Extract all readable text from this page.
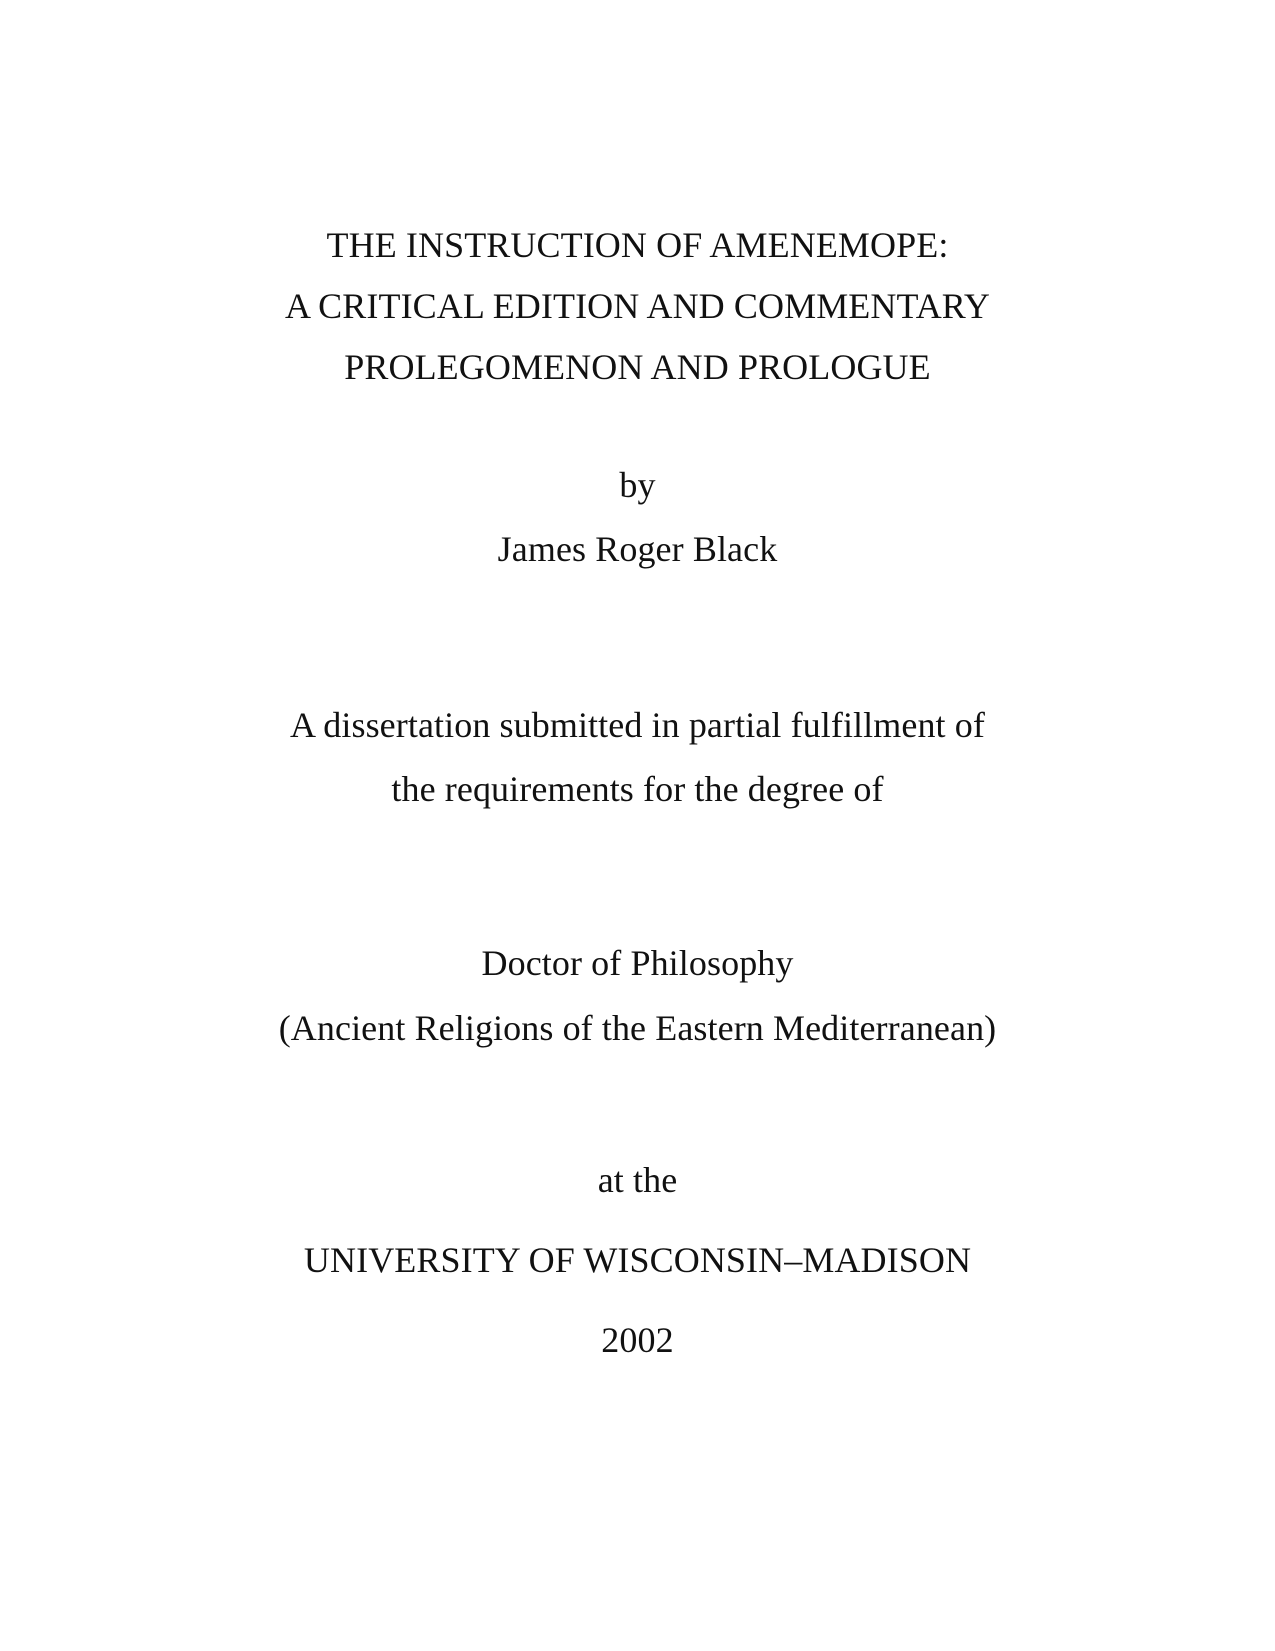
THE INSTRUCTION OF AMENEMOPE:
A CRITICAL EDITION AND COMMENTARY
PROLEGOMENON AND PROLOGUE
by
James Roger Black
A dissertation submitted in partial fulfillment of
the requirements for the degree of
Doctor of Philosophy
(Ancient Religions of the Eastern Mediterranean)
at the
UNIVERSITY OF WISCONSIN–MADISON
2002
